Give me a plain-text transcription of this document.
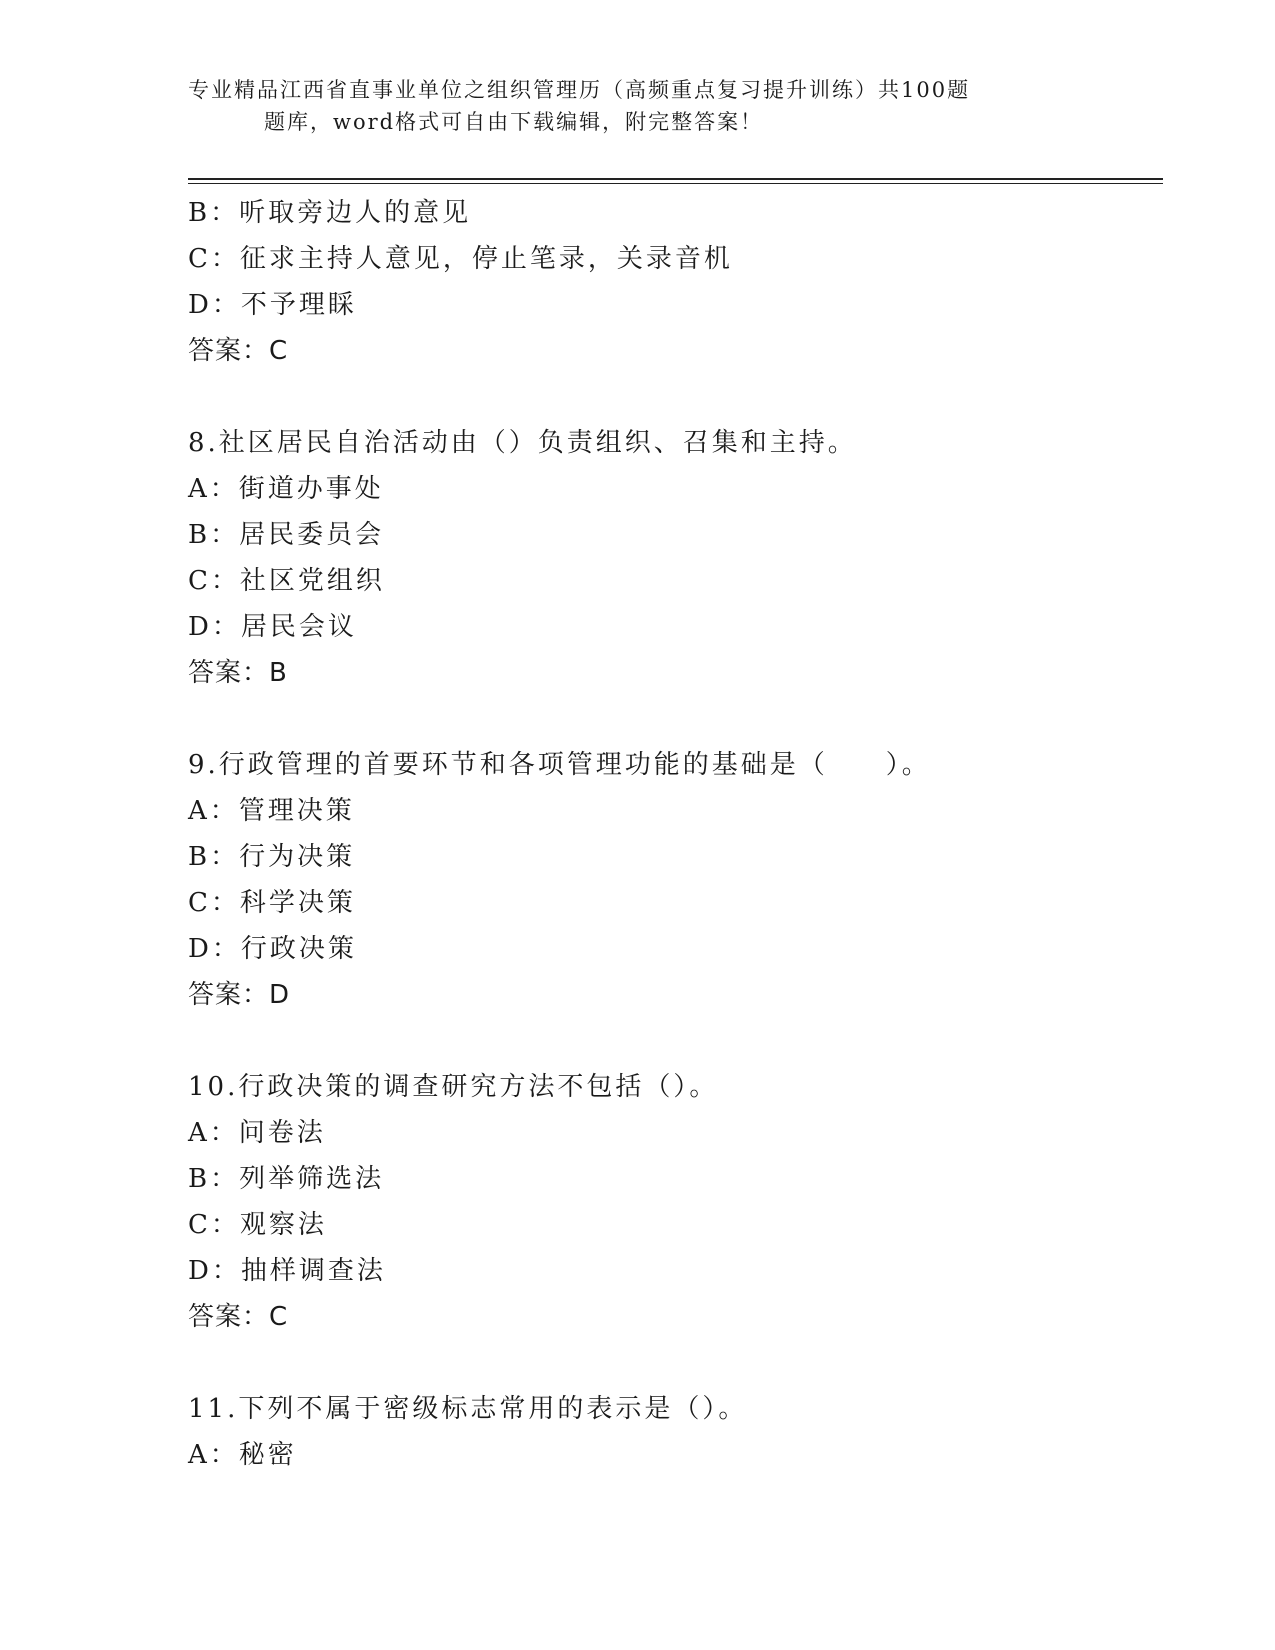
专业精品江西省直事业单位之组织管理历（高频重点复习提升训练）共100题
题库，word格式可自由下载编辑，附完整答案！
B：听取旁边人的意见
C：征求主持人意见，停止笔录，关录音机
D：不予理睬
答案：C
8.社区居民自治活动由（）负责组织、召集和主持。
A：街道办事处
B：居民委员会
C：社区党组织
D：居民会议
答案：B
9.行政管理的首要环节和各项管理功能的基础是（　　）。
A：管理决策
B：行为决策
C：科学决策
D：行政决策
答案：D
10.行政决策的调查研究方法不包括（）。
A：问卷法
B：列举筛选法
C：观察法
D：抽样调查法
答案：C
11.下列不属于密级标志常用的表示是（）。
A：秘密
